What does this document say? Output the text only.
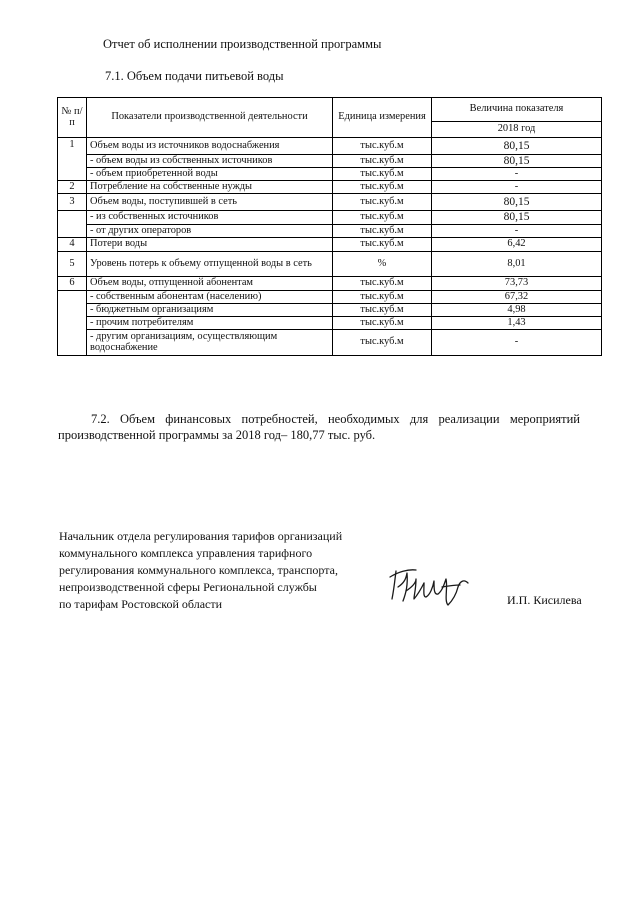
Отчет об исполнении производственной программы
7.1. Объем подачи питьевой воды
№ п/п	Показатели производственной деятельности	Единица измерения	Величина показателя
			2018 год
1	Объем воды из источников водоснабжения	тыс.куб.м	80,15
	- объем воды из собственных источников	тыс.куб.м	80,15
	- объем приобретенной воды	тыс.куб.м	-
2	Потребление на собственные нужды	тыс.куб.м	-
3	Объем воды, поступившей в сеть	тыс.куб.м	80,15
	- из собственных источников	тыс.куб.м	80,15
	- от других операторов	тыс.куб.м	-
4	Потери воды	тыс.куб.м	6,42
5	Уровень потерь к объему отпущенной воды в сеть	%	8,01
6	Объем воды, отпущенной абонентам	тыс.куб.м	73,73
	- собственным абонентам (населению)	тыс.куб.м	67,32
	- бюджетным организациям	тыс.куб.м	4,98
	- прочим потребителям	тыс.куб.м	1,43
	- другим организациям, осуществляющим водоснабжение	тыс.куб.м	-
7.2. Объем финансовых потребностей, необходимых для реализации мероприятий производственной программы за 2018 год– 180,77 тыс. руб.
Начальник отдела регулирования тарифов организаций
коммунального комплекса управления тарифного
регулирования коммунального комплекса, транспорта,
непроизводственной сферы Региональной службы
по тарифам Ростовской области	И.П. Кисилева
